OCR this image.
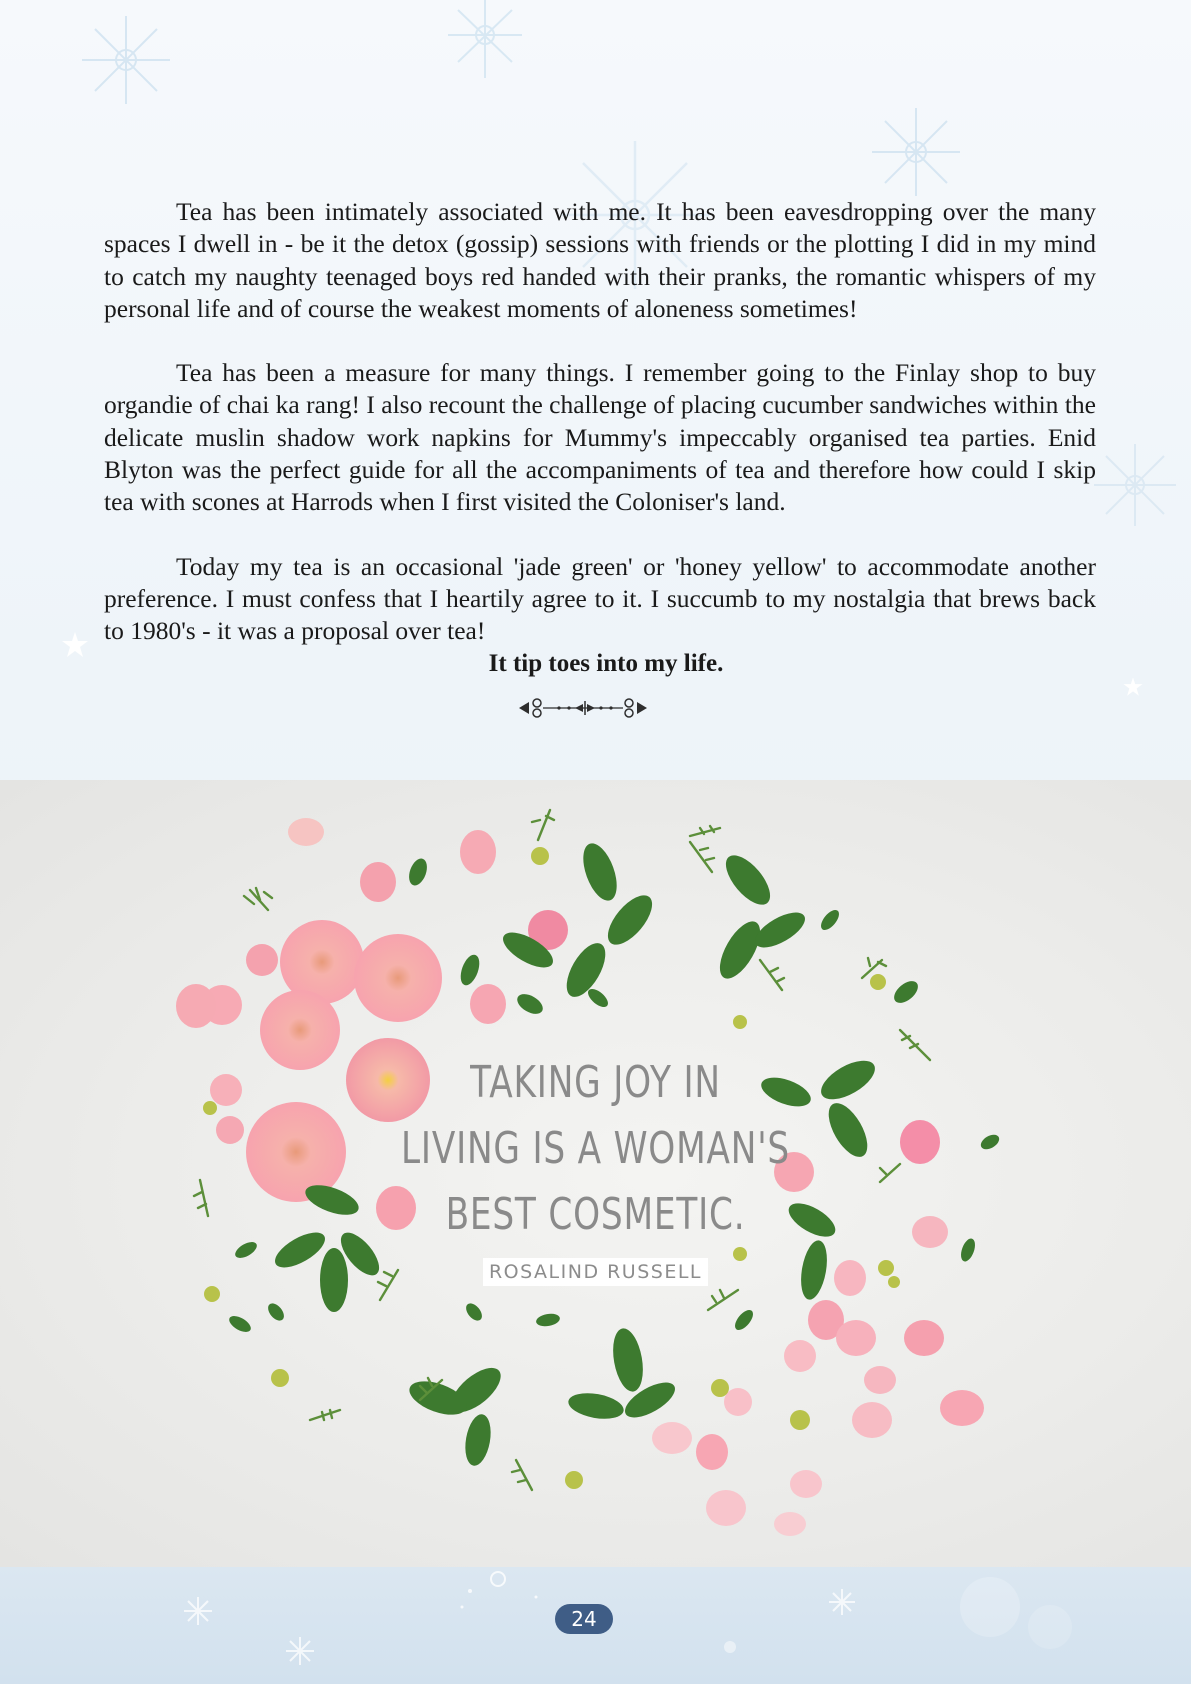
Tea has been intimately associated with me. It has been eavesdropping over the many spaces I dwell in - be it the detox (gossip) sessions with friends or the plotting I did in my mind to catch my naughty teenaged boys red handed with their pranks, the romantic whispers of my personal life and of course the weakest moments of aloneness sometimes!

Tea has been a measure for many things. I remember going to the Finlay shop to buy organdie of chai ka rang! I also recount the challenge of placing cucumber sandwiches within the delicate muslin shadow work napkins for Mummy's impeccably organised tea parties. Enid Blyton was the perfect guide for all the accompaniments of tea and therefore how could I skip tea with scones at Harrods when I first visited the Coloniser's land.

Today my tea is an occasional 'jade green' or 'honey yellow' to accommodate another preference. I must confess that I heartily agree to it. I succumb to my nostalgia that brews back to 1980's - it was a proposal over tea!

It tip toes into my life.

TAKING JOY IN

LIVING IS A WOMAN'S

BEST COSMETIC.

ROSALIND RUSSELL
24
